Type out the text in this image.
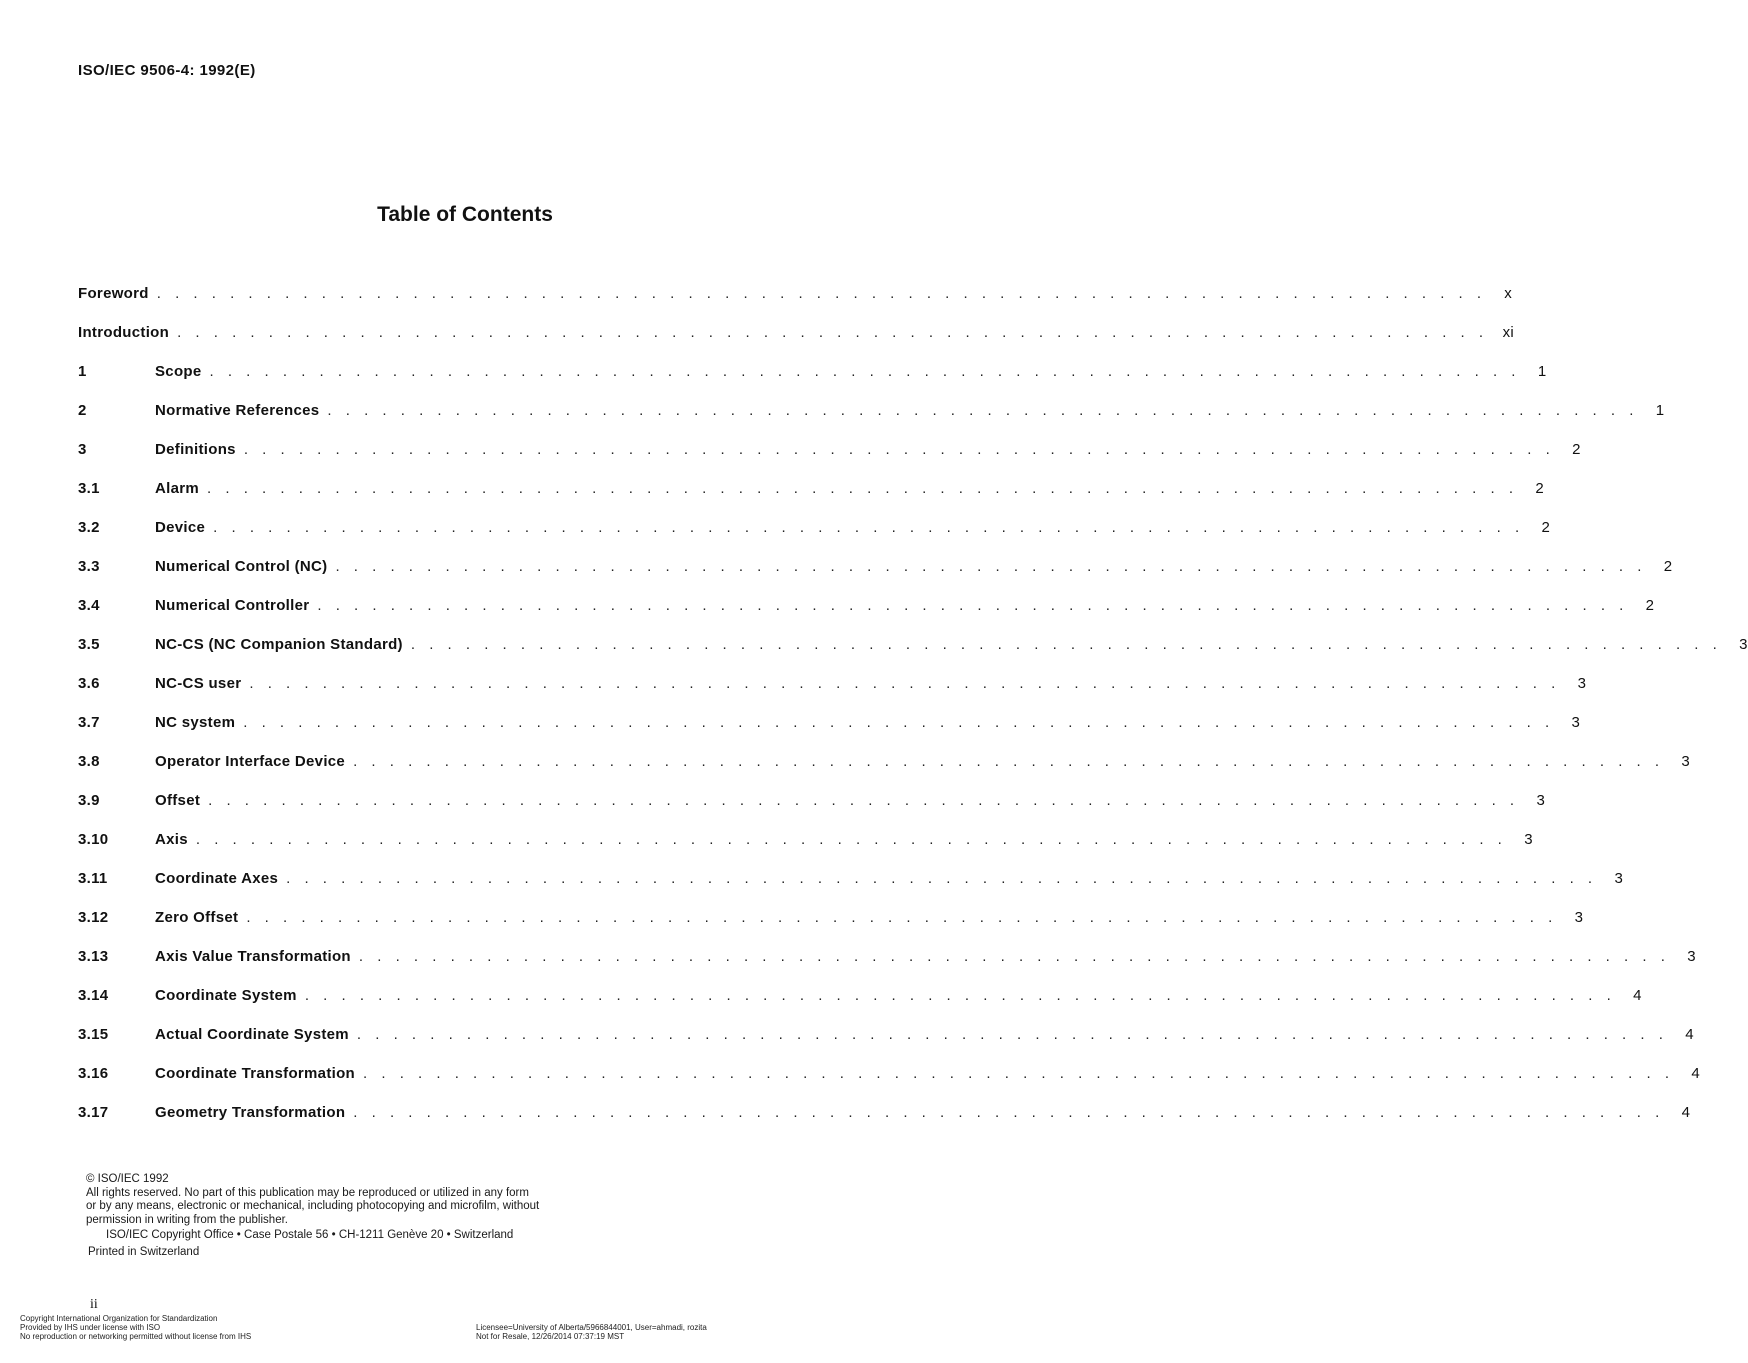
ISO/IEC 9506-4: 1992(E)
Table of Contents
Foreword . . . . . . . . . . . . . . . . . . . . . . . . . . . . . . . . . . . . . . . . . . . . . . . . . . . . . . . . . . . . . . . . . . . . . . . . .	x
Introduction . . . . . . . . . . . . . . . . . . . . . . . . . . . . . . . . . . . . . . . . . . . . . . . . . . . . . . . . . . . . . . . . . . . . . . . . xi
1	Scope . . . . . . . . . . . . . . . . . . . . . . . . . . . . . . . . . . . . . . . . . . . . . . . . . . . . . . . . . . . . . . . . . . . . . . . .	1
2	Normative References . . . . . . . . . . . . . . . . . . . . . . . . . . . . . . . . . . . . . . . . . . . . . . . . . . . . . . . . . . . . . . . . . . . . . . . .	1
3	Definitions . . . . . . . . . . . . . . . . . . . . . . . . . . . . . . . . . . . . . . . . . . . . . . . . . . . . . . . . . . . . . . . . . . . . . . . .	2
3.1	Alarm . . . . . . . . . . . . . . . . . . . . . . . . . . . . . . . . . . . . . . . . . . . . . . . . . . . . . . . . . . . . . . . . . . . . . . . .	2
3.2	Device . . . . . . . . . . . . . . . . . . . . . . . . . . . . . . . . . . . . . . . . . . . . . . . . . . . . . . . . . . . . . . . . . . . . . . . .	2
3.3	Numerical Control (NC) . . . . . . . . . . . . . . . . . . . . . . . . . . . . . . . . . . . . . . . . . . . . . . . . . . . . . . . . . . . . . . . . . . . . . . . .	2
3.4	Numerical Controller . . . . . . . . . . . . . . . . . . . . . . . . . . . . . . . . . . . . . . . . . . . . . . . . . . . . . . . . . . . . . . . . . . . . . . . .	2
3.5	NC-CS (NC Companion Standard) . . . . . . . . . . . . . . . . . . . . . . . . . . . . . . . . . . . . . . . . . . . . . . . . . . . . . . . . . . . . . . . . . . . . . . . .	3
3.6	NC-CS user . . . . . . . . . . . . . . . . . . . . . . . . . . . . . . . . . . . . . . . . . . . . . . . . . . . . . . . . . . . . . . . . . . . . . . . .	3
3.7	NC system . . . . . . . . . . . . . . . . . . . . . . . . . . . . . . . . . . . . . . . . . . . . . . . . . . . . . . . . . . . . . . . . . . . . . . . .	3
3.8	Operator Interface Device . . . . . . . . . . . . . . . . . . . . . . . . . . . . . . . . . . . . . . . . . . . . . . . . . . . . . . . . . . . . . . . . . . . . . . . .	3
3.9	Offset . . . . . . . . . . . . . . . . . . . . . . . . . . . . . . . . . . . . . . . . . . . . . . . . . . . . . . . . . . . . . . . . . . . . . . . .	3
3.10	Axis . . . . . . . . . . . . . . . . . . . . . . . . . . . . . . . . . . . . . . . . . . . . . . . . . . . . . . . . . . . . . . . . . . . . . . . .	3
3.11	Coordinate Axes . . . . . . . . . . . . . . . . . . . . . . . . . . . . . . . . . . . . . . . . . . . . . . . . . . . . . . . . . . . . . . . . . . . . . . . .	3
3.12	Zero Offset . . . . . . . . . . . . . . . . . . . . . . . . . . . . . . . . . . . . . . . . . . . . . . . . . . . . . . . . . . . . . . . . . . . . . . . .	3
3.13	Axis Value Transformation . . . . . . . . . . . . . . . . . . . . . . . . . . . . . . . . . . . . . . . . . . . . . . . . . . . . . . . . . . . . . . . . . . . . . . . .	3
3.14	Coordinate System . . . . . . . . . . . . . . . . . . . . . . . . . . . . . . . . . . . . . . . . . . . . . . . . . . . . . . . . . . . . . . . . . . . . . . . .	4
3.15	Actual Coordinate System . . . . . . . . . . . . . . . . . . . . . . . . . . . . . . . . . . . . . . . . . . . . . . . . . . . . . . . . . . . . . . . . . . . . . . . .	4
3.16	Coordinate Transformation . . . . . . . . . . . . . . . . . . . . . . . . . . . . . . . . . . . . . . . . . . . . . . . . . . . . . . . . . . . . . . . . . . . . . . . .	4
3.17	Geometry Transformation . . . . . . . . . . . . . . . . . . . . . . . . . . . . . . . . . . . . . . . . . . . . . . . . . . . . . . . . . . . . . . . . . . . . . . . .	4
© ISO/IEC 1992
All rights reserved. No part of this publication may be reproduced or utilized in any form
or by any means, electronic or mechanical, including photocopying and microfilm, without
permission in writing from the publisher.
ISO/IEC Copyright Office • Case Postale 56 • CH-1211 Genève 20 • Switzerland
Printed in Switzerland
ii
Copyright International Organization for Standardization
Provided by IHS under license with ISO
No reproduction or networking permitted without license from IHS
Licensee=University of Alberta/5966844001, User=ahmadi, rozita
Not for Resale, 12/26/2014 07:37:19 MST
